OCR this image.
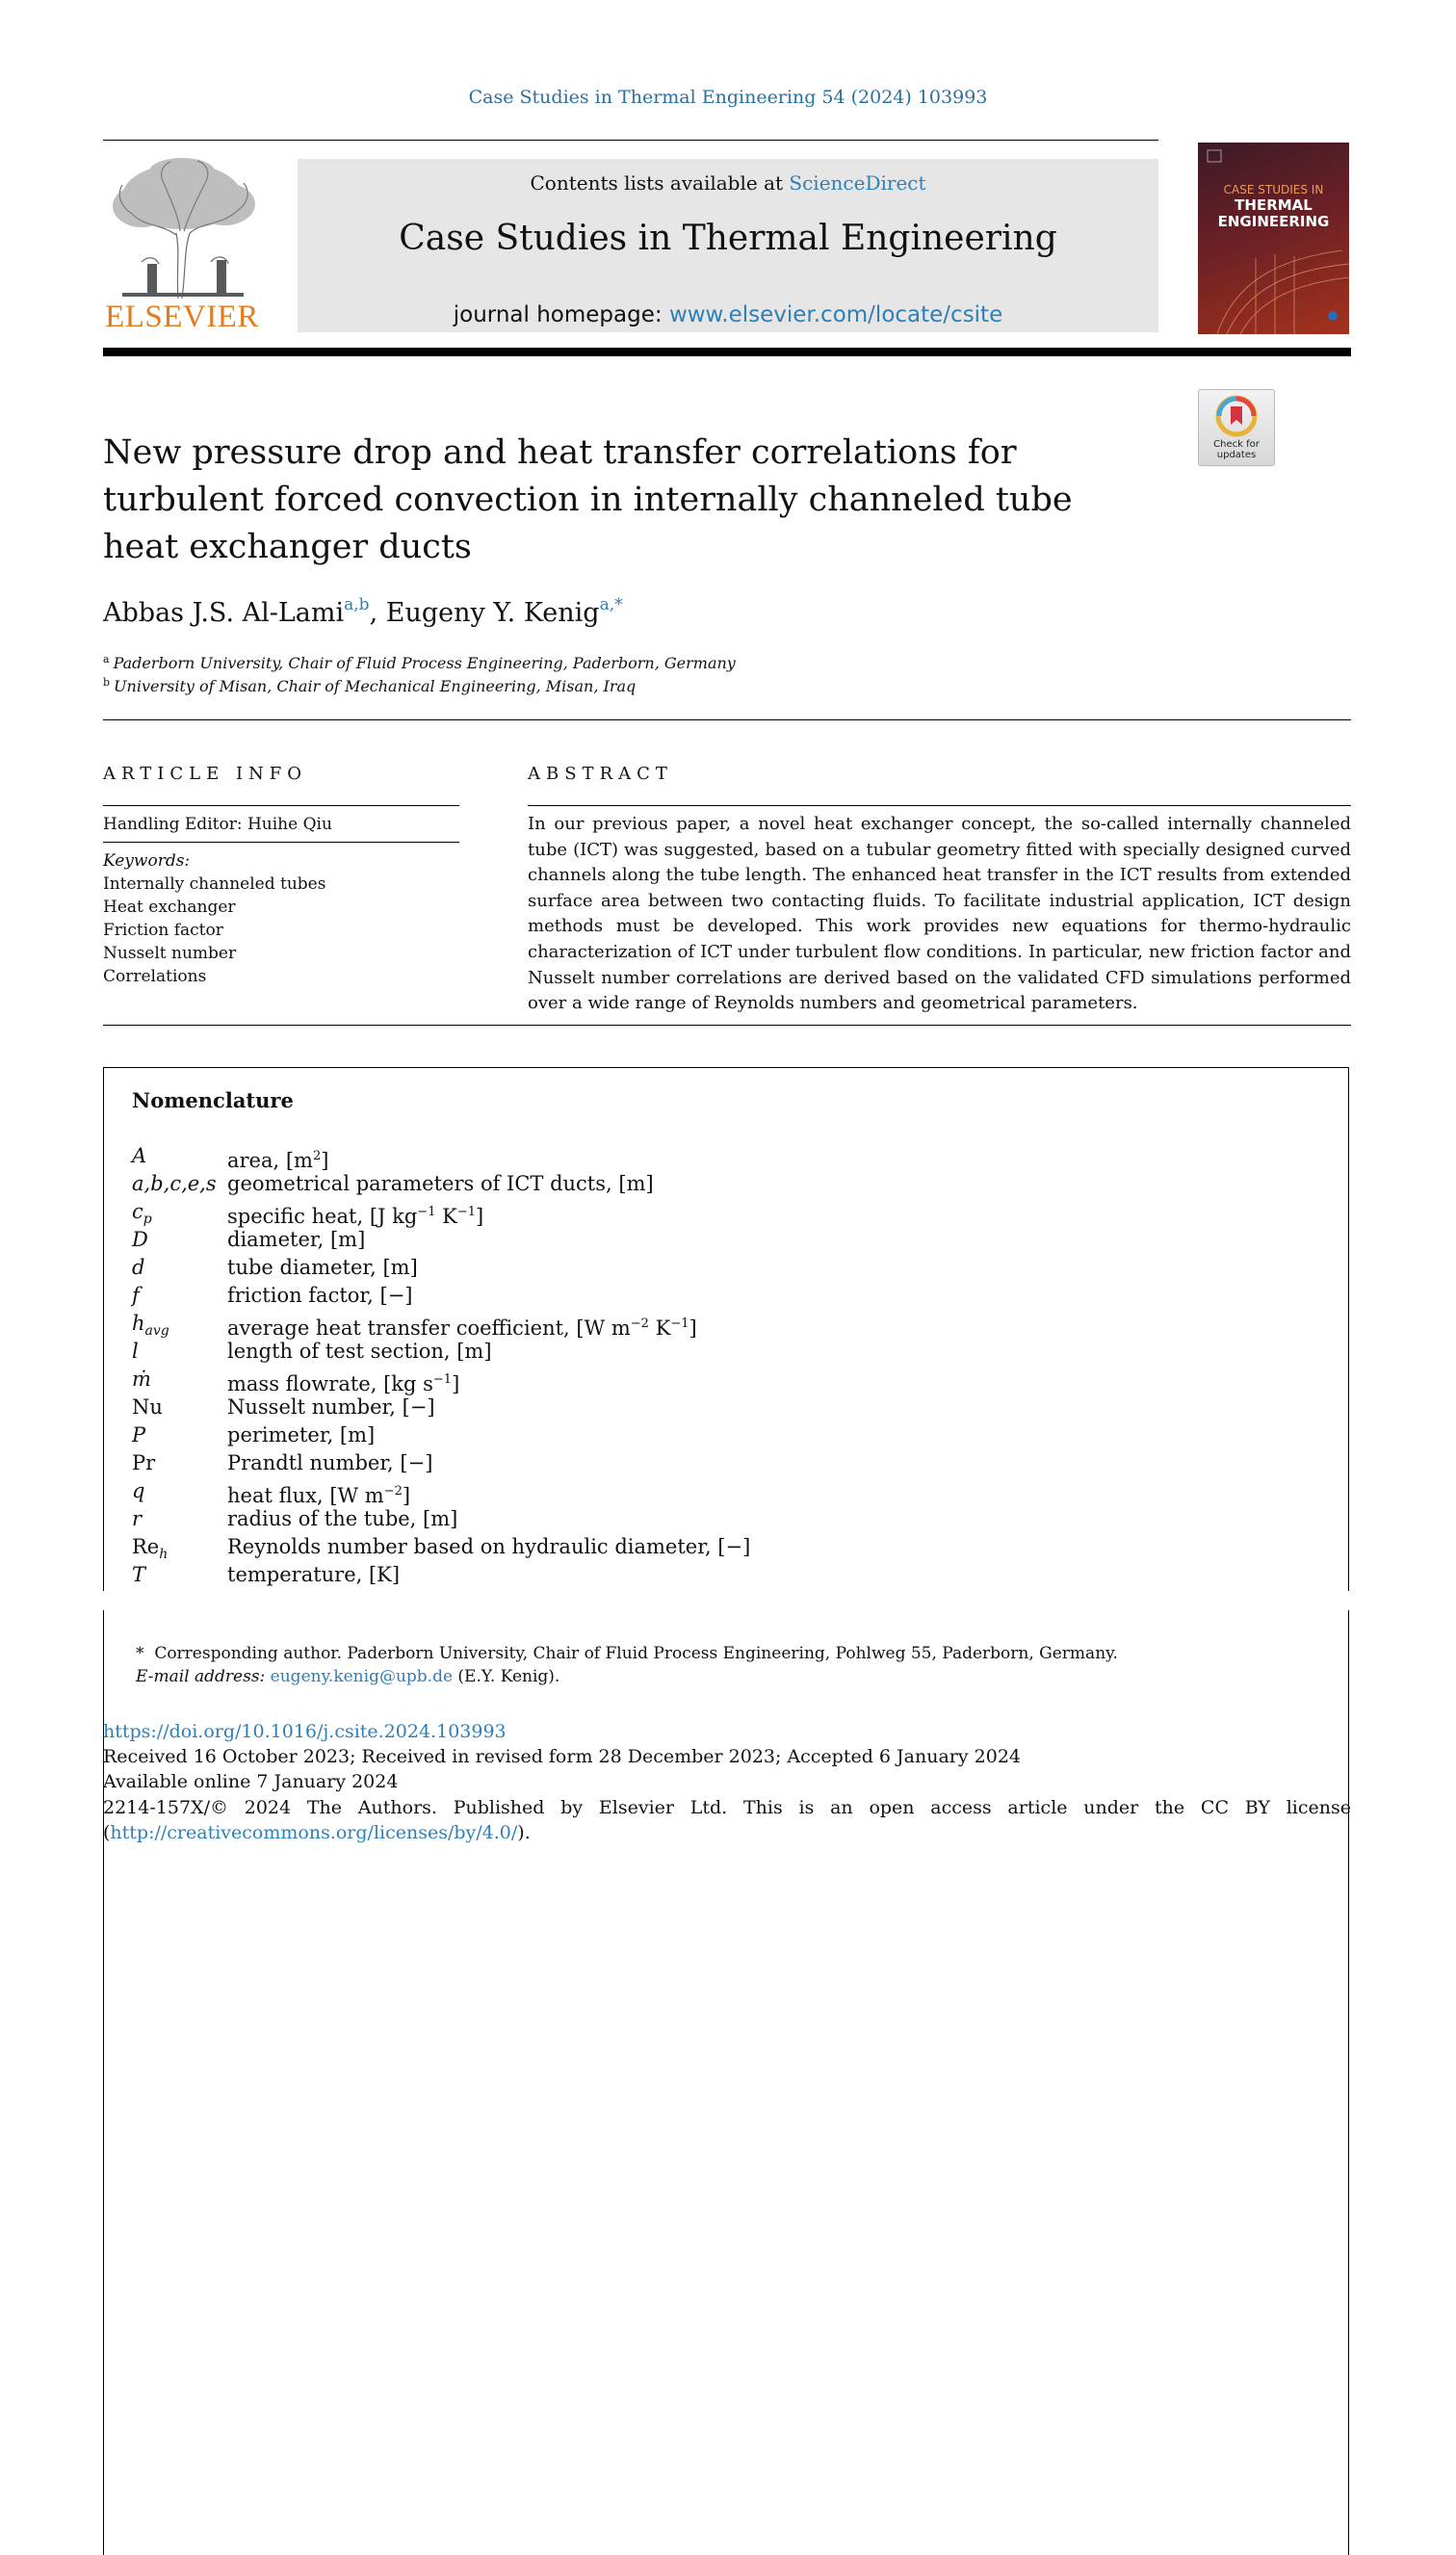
Case Studies in Thermal Engineering 54 (2024) 103993
ELSEVIER
Contents lists available at ScienceDirect
Case Studies in Thermal Engineering
journal homepage: www.elsevier.com/locate/csite
CASE STUDIES IN
THERMAL
ENGINEERING
Check for
updates
New pressure drop and heat transfer correlations for turbulent forced convection in internally channeled tube heat exchanger ducts
Abbas J.S. Al-Lami$^{a,b}$, Eugeny Y. Kenig$^{a,*}$
$^a$ Paderborn University, Chair of Fluid Process Engineering, Paderborn, Germany
$^b$ University of Misan, Chair of Mechanical Engineering, Misan, Iraq
ARTICLE INFO
Handling Editor: Huihe Qiu
Keywords:
Internally channeled tubes
Heat exchanger
Friction factor
Nusselt number
Correlations
ABSTRACT
In our previous paper, a novel heat exchanger concept, the so-called internally channeled tube (ICT) was suggested, based on a tubular geometry fitted with specially designed curved channels along the tube length. The enhanced heat transfer in the ICT results from extended surface area between two contacting fluids. To facilitate industrial application, ICT design methods must be developed. This work provides new equations for thermo-hydraulic characterization of ICT under turbulent flow conditions. In particular, new friction factor and Nusselt number correlations are derived based on the validated CFD simulations performed over a wide range of Reynolds numbers and geometrical parameters.
Nomenclature
A	area, $[m^2]$
a,b,c,e,s geometrical parameters of ICT ducts, [m]
$c_p$	specific heat, [J $kg^{-1}$ $K^{-1}$]
D	diameter, [m]
d	tube diameter, [m]
f	friction factor, [−]
$h_{avg}$	average heat transfer coefficient, [W $m^{-2}$ $K^{-1}$]
l	length of test section, [m]
ṁ	mass flowrate, [kg $s^{-1}$]
Nu	Nusselt number, [−]
P	perimeter, [m]
Pr	Prandtl number, [−]
q	heat flux, [W $m^{-2}$]
r	radius of the tube, [m]
$Re_h$	Reynolds number based on hydraulic diameter, [−]
T	temperature, [K]
* Corresponding author. Paderborn University, Chair of Fluid Process Engineering, Pohlweg 55, Paderborn, Germany.
E-mail address: eugeny.kenig@upb.de (E.Y. Kenig).
https://doi.org/10.1016/j.csite.2024.103993
Received 16 October 2023; Received in revised form 28 December 2023; Accepted 6 January 2024
Available online 7 January 2024
2214-157X/© 2024 The Authors. Published by Elsevier Ltd. This is an open access article under the CC BY license
(http://creativecommons.org/licenses/by/4.0/).
